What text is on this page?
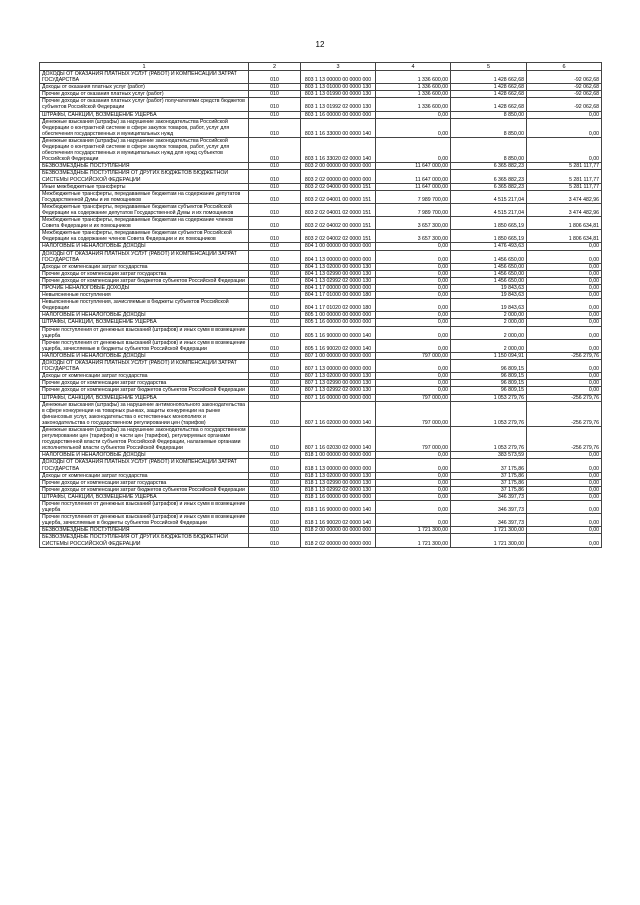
12
1	2	3	4	5	6
ДОХОДЫ ОТ ОКАЗАНИЯ ПЛАТНЫХ УСЛУГ (РАБОТ) И КОМПЕНСАЦИИ ЗАТРАТ ГОСУДАРСТВА	010	803 1 13 00000 00 0000 000	1 336 600,00	1 428 662,68	-92 062,68
Доходы от оказания платных услуг (работ)	010	803 1 13 01000 00 0000 130	1 336 600,00	1 428 662,68	-92 062,68
Прочие доходы от оказания платных услуг (работ)	010	803 1 13 01990 00 0000 130	1 336 600,00	1 428 662,68	-92 062,68
Прочие доходы от оказания платных услуг (работ) получателями средств бюджетов субъектов Российской Федерации	010	803 1 13 01992 02 0000 130	1 336 600,00	1 428 662,68	-92 062,68
ШТРАФЫ, САНКЦИИ, ВОЗМЕЩЕНИЕ УЩЕРБА	010	803 1 16 00000 00 0000 000	0,00	8 850,00	0,00
Денежные взыскания (штрафы) за нарушение законодательства Российской Федерации о контрактной системе в сфере закупок товаров, работ, услуг для обеспечения государственных и муниципальных нужд	010	803 1 16 33000 00 0000 140	0,00	8 850,00	0,00
Денежные взыскания (штрафы) за нарушение законодательства Российской Федерации о контрактной системе в сфере закупок товаров, работ, услуг для обеспечения государственных и муниципальных нужд для нужд субъектов Российской Федерации	010	803 1 16 33020 02 0000 140	0,00	8 850,00	0,00
БЕЗВОЗМЕЗДНЫЕ ПОСТУПЛЕНИЯ	010	803 2 00 00000 00 0000 000	11 647 000,00	6 365 882,23	5 281 117,77
БЕЗВОЗМЕЗДНЫЕ ПОСТУПЛЕНИЯ ОТ ДРУГИХ БЮДЖЕТОВ БЮДЖЕТНОЙ СИСТЕМЫ РОССИЙСКОЙ ФЕДЕРАЦИИ	010	803 2 02 00000 00 0000 000	11 647 000,00	6 365 882,23	5 281 117,77
Иные межбюджетные трансферты	010	803 2 02 04000 00 0000 151	11 647 000,00	6 365 882,23	5 281 117,77
Межбюджетные трансферты, передаваемые бюджетам на содержание депутатов Государственной Думы и их помощников	010	803 2 02 04001 00 0000 151	7 989 700,00	4 515 217,04	3 474 482,96
Межбюджетные трансферты, передаваемые бюджетам субъектов Российской Федерации на содержание депутатов Государственной Думы и их помощников	010	803 2 02 04001 02 0000 151	7 989 700,00	4 515 217,04	3 474 482,96
Межбюджетные трансферты, передаваемые бюджетам на содержание членов Совета Федерации и их помощников	010	803 2 02 04002 00 0000 151	3 657 300,00	1 850 665,19	1 806 634,81
Межбюджетные трансферты, передаваемые бюджетам субъектов Российской Федерации на содержание членов Совета Федерации и их помощников	010	803 2 02 04002 02 0000 151	3 657 300,00	1 850 665,19	1 806 634,81
НАЛОГОВЫЕ И НЕНАЛОГОВЫЕ ДОХОДЫ	010	804 1 00 00000 00 0000 000	0,00	1 476 493,63	0,00
ДОХОДЫ ОТ ОКАЗАНИЯ ПЛАТНЫХ УСЛУГ (РАБОТ) И КОМПЕНСАЦИИ ЗАТРАТ ГОСУДАРСТВА	010	804 1 13 00000 00 0000 000	0,00	1 456 650,00	0,00
Доходы от компенсации затрат государства	010	804 1 13 02000 00 0000 130	0,00	1 456 650,00	0,00
Прочие доходы от компенсации затрат государства	010	804 1 13 02990 00 0000 130	0,00	1 456 650,00	0,00
Прочие доходы от компенсации затрат бюджетов субъектов Российской Федерации	010	804 1 13 02992 02 0000 130	0,00	1 456 650,00	0,00
ПРОЧИЕ НЕНАЛОГОВЫЕ ДОХОДЫ	010	804 1 17 00000 00 0000 000	0,00	19 843,63	0,00
Невыясненные поступления	010	804 1 17 01000 00 0000 180	0,00	19 843,63	0,00
Невыясненные поступления, зачисляемые в бюджеты субъектов Российской Федерации	010	804 1 17 01020 02 0000 180	0,00	19 843,63	0,00
НАЛОГОВЫЕ И НЕНАЛОГОВЫЕ ДОХОДЫ	010	805 1 00 00000 00 0000 000	0,00	2 000,00	0,00
ШТРАФЫ, САНКЦИИ, ВОЗМЕЩЕНИЕ УЩЕРБА	010	805 1 16 00000 00 0000 000	0,00	2 000,00	0,00
Прочие поступления от денежных взысканий (штрафов) и иных сумм в возмещение ущерба	010	805 1 16 90000 00 0000 140	0,00	2 000,00	0,00
Прочие поступления от денежных взысканий (штрафов) и иных сумм в возмещение ущерба, зачисляемые в бюджеты субъектов Российской Федерации	010	805 1 16 90020 02 0000 140	0,00	2 000,00	0,00
НАЛОГОВЫЕ И НЕНАЛОГОВЫЕ ДОХОДЫ	010	807 1 00 00000 00 0000 000	797 000,00	1 150 094,91	-256 279,76
ДОХОДЫ ОТ ОКАЗАНИЯ ПЛАТНЫХ УСЛУГ (РАБОТ) И КОМПЕНСАЦИИ ЗАТРАТ ГОСУДАРСТВА	010	807 1 13 00000 00 0000 000	0,00	96 809,15	0,00
Доходы от компенсации затрат государства	010	807 1 13 02000 00 0000 130	0,00	96 809,15	0,00
Прочие доходы от компенсации затрат государства	010	807 1 13 02990 00 0000 130	0,00	96 809,15	0,00
Прочие доходы от компенсации затрат бюджетов субъектов Российской Федерации	010	807 1 13 02992 02 0000 130	0,00	96 809,15	0,00
ШТРАФЫ, САНКЦИИ, ВОЗМЕЩЕНИЕ УЩЕРБА	010	807 1 16 00000 00 0000 000	797 000,00	1 053 279,76	-256 279,76
Денежные взыскания (штрафы) за нарушение антимонопольного законодательства в сфере конкуренции на товарных рынках, защиты конкуренции на рынке финансовых услуг, законодательства о естественных монополиях и законодательства о государственном регулировании цен (тарифов)	010	807 1 16 02000 00 0000 140	797 000,00	1 053 279,76	-256 279,76
Денежные взыскания (штрафы) за нарушение законодательства о государственном регулировании цен (тарифов) в части цен (тарифов), регулируемых органами государственной власти субъектов Российской Федерации, налагаемые органами исполнительной власти субъектов Российской Федерации	010	807 1 16 02030 02 0000 140	797 000,00	1 053 279,76	-256 279,76
НАЛОГОВЫЕ И НЕНАЛОГОВЫЕ ДОХОДЫ	010	818 1 00 00000 00 0000 000	0,00	383 573,59	0,00
ДОХОДЫ ОТ ОКАЗАНИЯ ПЛАТНЫХ УСЛУГ (РАБОТ) И КОМПЕНСАЦИИ ЗАТРАТ ГОСУДАРСТВА	010	818 1 13 00000 00 0000 000	0,00	37 175,86	0,00
Доходы от компенсации затрат государства	010	818 1 13 02000 00 0000 130	0,00	37 175,86	0,00
Прочие доходы от компенсации затрат государства	010	818 1 13 02990 00 0000 130	0,00	37 175,86	0,00
Прочие доходы от компенсации затрат бюджетов субъектов Российской Федерации	010	818 1 13 02992 02 0000 130	0,00	37 175,86	0,00
ШТРАФЫ, САНКЦИИ, ВОЗМЕЩЕНИЕ УЩЕРБА	010	818 1 16 00000 00 0000 000	0,00	346 397,73	0,00
Прочие поступления от денежных взысканий (штрафов) и иных сумм в возмещение ущерба	010	818 1 16 90000 00 0000 140	0,00	346 397,73	0,00
Прочие поступления от денежных взысканий (штрафов) и иных сумм в возмещение ущерба, зачисляемые в бюджеты субъектов Российской Федерации	010	818 1 16 90020 02 0000 140	0,00	346 397,73	0,00
БЕЗВОЗМЕЗДНЫЕ ПОСТУПЛЕНИЯ	010	818 2 00 00000 00 0000 000	1 721 300,00	1 721 300,00	0,00
БЕЗВОЗМЕЗДНЫЕ ПОСТУПЛЕНИЯ ОТ ДРУГИХ БЮДЖЕТОВ БЮДЖЕТНОЙ СИСТЕМЫ РОССИЙСКОЙ ФЕДЕРАЦИИ	010	818 2 02 00000 00 0000 000	1 721 300,00	1 721 300,00	0,00
